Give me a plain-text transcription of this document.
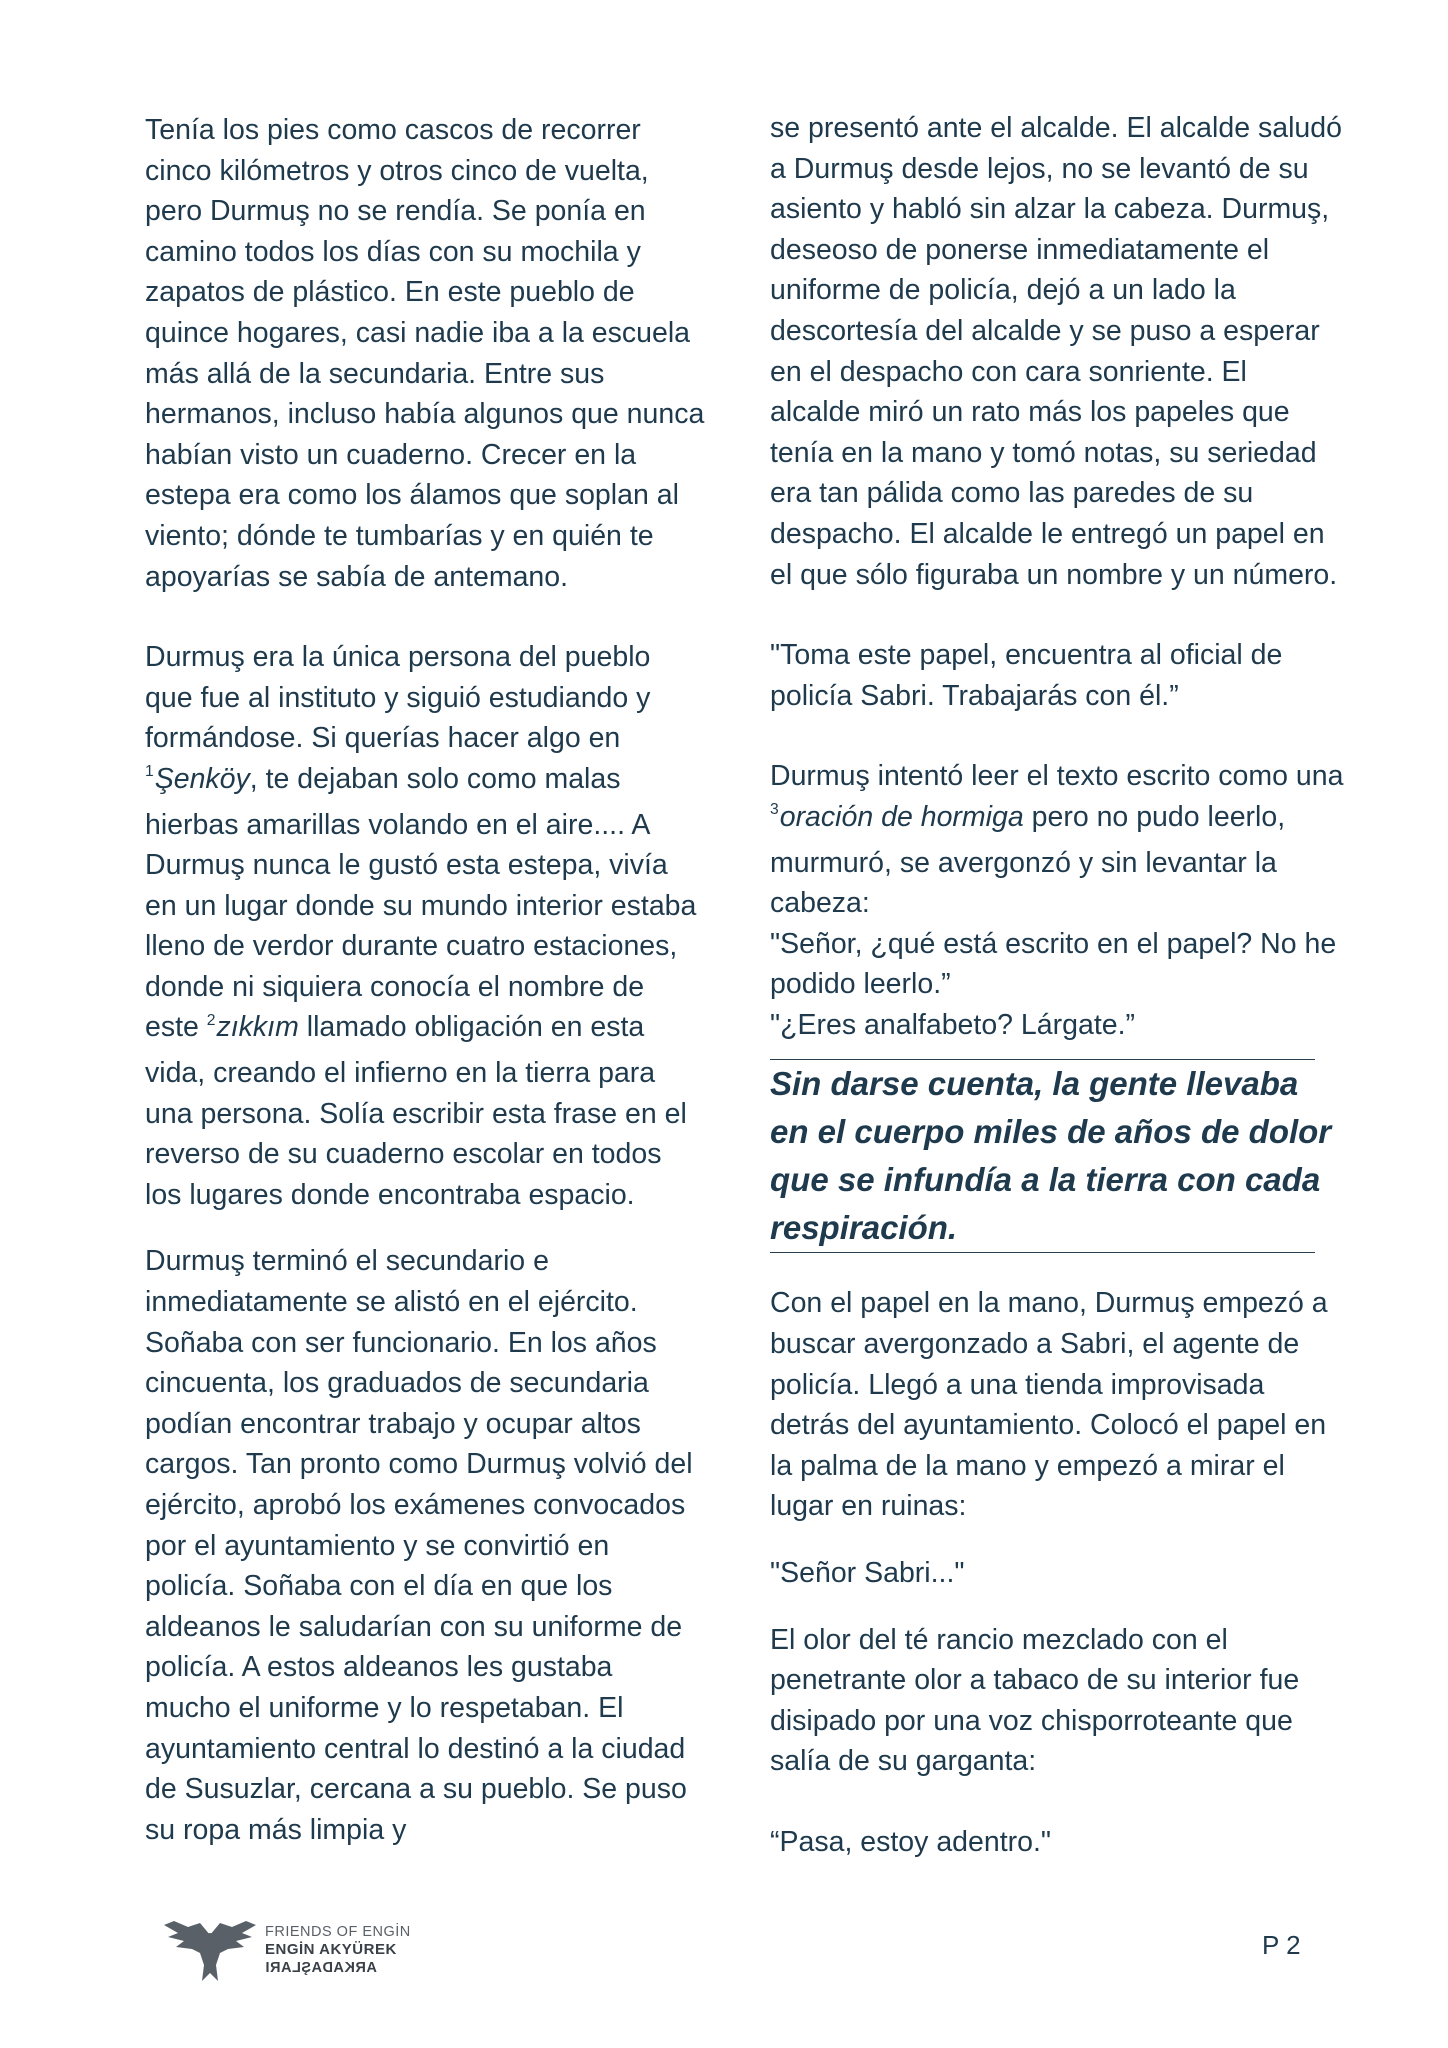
Tenía los pies como cascos de recorrer cinco kilómetros y otros cinco de vuelta, pero Durmuş no se rendía. Se ponía en camino todos los días con su mochila y zapatos de plástico. En este pueblo de quince hogares, casi nadie iba a la escuela más allá de la secundaria. Entre sus hermanos, incluso había algunos que nunca habían visto un cuaderno. Crecer en la estepa era como los álamos que soplan al viento; dónde te tumbarías y en quién te apoyarías se sabía de antemano.

Durmuş era la única persona del pueblo que fue al instituto y siguió estudiando y formándose. Si querías hacer algo en $^1$Şenköy, te dejaban solo como malas hierbas amarillas volando en el aire.... A Durmuş nunca le gustó esta estepa, vivía en un lugar donde su mundo interior estaba lleno de verdor durante cuatro estaciones, donde ni siquiera conocía el nombre de este $^2$zıkkım llamado obligación en esta vida, creando el infierno en la tierra para una persona. Solía escribir esta frase en el reverso de su cuaderno escolar en todos los lugares donde encontraba espacio.

Durmuş terminó el secundario e inmediatamente se alistó en el ejército. Soñaba con ser funcionario. En los años cincuenta, los graduados de secundaria podían encontrar trabajo y ocupar altos cargos. Tan pronto como Durmuş volvió del ejército, aprobó los exámenes convocados por el ayuntamiento y se convirtió en policía. Soñaba con el día en que los aldeanos le saludarían con su uniforme de policía. A estos aldeanos les gustaba mucho el uniforme y lo respetaban. El ayuntamiento central lo destinó a la ciudad de Susuzlar, cercana a su pueblo. Se puso su ropa más limpia y

se presentó ante el alcalde. El alcalde saludó a Durmuş desde lejos, no se levantó de su asiento y habló sin alzar la cabeza. Durmuş, deseoso de ponerse inmediatamente el uniforme de policía, dejó a un lado la descortesía del alcalde y se puso a esperar en el despacho con cara sonriente. El alcalde miró un rato más los papeles que tenía en la mano y tomó notas, su seriedad era tan pálida como las paredes de su despacho. El alcalde le entregó un papel en el que sólo figuraba un nombre y un número.

"Toma este papel, encuentra al oficial de policía Sabri. Trabajarás con él.”

Durmuş intentó leer el texto escrito como una $^3$oración de hormiga pero no pudo leerlo, murmuró, se avergonzó y sin levantar la cabeza:

"Señor, ¿qué está escrito en el papel? No he podido leerlo.”

"¿Eres analfabeto? Lárgate.”

Sin darse cuenta, la gente llevaba en el cuerpo miles de años de dolor que se infundía a la tierra con cada respiración.

Con el papel en la mano, Durmuş empezó a buscar avergonzado a Sabri, el agente de policía. Llegó a una tienda improvisada detrás del ayuntamiento. Colocó el papel en la palma de la mano y empezó a mirar el lugar en ruinas:

"Señor Sabri..."

El olor del té rancio mezclado con el penetrante olor a tabaco de su interior fue disipado por una voz chisporroteante que salía de su garganta:

“Pasa, estoy adentro."

FRIENDS OF ENGİN
ENGİN AKYÜREK
ARKADAŞLARI
P 2
